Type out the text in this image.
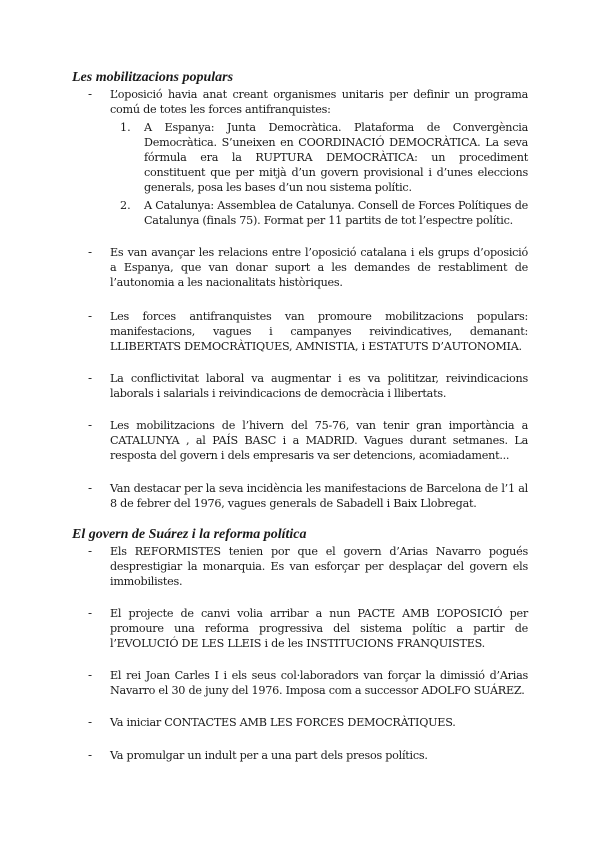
Les mobilitzacions populars
- L’oposició havia anat creant organismes unitaris per definir un programa comú de totes les forces antifranquistes:
1. A Espanya: Junta Democràtica. Plataforma de Convergència Democràtica. S’uneixen en COORDINACIÓ DEMOCRÀTICA. La seva fórmula era la RUPTURA DEMOCRÀTICA: un procediment constituent que per mitjà d’un govern provisional i d’unes eleccions generals, posa les bases d’un nou sistema polític.
2. A Catalunya: Assemblea de Catalunya. Consell de Forces Polítiques de Catalunya (finals 75). Format per 11 partits de tot l’espectre polític.
- Es van avançar les relacions entre l’oposició catalana i els grups d’oposició a Espanya, que van donar suport a les demandes de restabliment de l’autonomia a les nacionalitats històriques.
- Les forces antifranquistes van promoure mobilitzacions populars: manifestacions, vagues i campanyes reivindicatives, demanant: LLIBERTATS DEMOCRÀTIQUES, AMNISTIA, i ESTATUTS D’AUTONOMIA.
- La conflictivitat laboral va augmentar i es va polititzar, reivindicacions laborals i salarials i reivindicacions de democràcia i llibertats.
- Les mobilitzacions de l’hivern del 75-76, van tenir gran importància a CATALUNYA , al PAÍS BASC i a MADRID. Vagues durant setmanes. La resposta del govern i dels empresaris va ser detencions, acomiadament...
- Van destacar per la seva incidència les manifestacions de Barcelona de l’1 al 8 de febrer del 1976, vagues generals de Sabadell i Baix Llobregat.
El govern de Suárez i la reforma política
- Els REFORMISTES tenien por que el govern d’Arias Navarro pogués desprestigiar la monarquia. Es van esforçar per desplaçar del govern els immobilistes.
- El projecte de canvi volia arribar a nun PACTE AMB L’OPOSICIÓ per promoure una reforma progressiva del sistema polític a partir de l’EVOLUCIÓ DE LES LLEIS i de les INSTITUCIONS FRANQUISTES.
- El rei Joan Carles I i els seus col·laboradors van forçar la dimissió d’Arias Navarro el 30 de juny del 1976. Imposa com a successor ADOLFO SUÁREZ.
- Va iniciar CONTACTES AMB LES FORCES DEMOCRÀTIQUES.
- Va promulgar un indult per a una part dels presos polítics.
